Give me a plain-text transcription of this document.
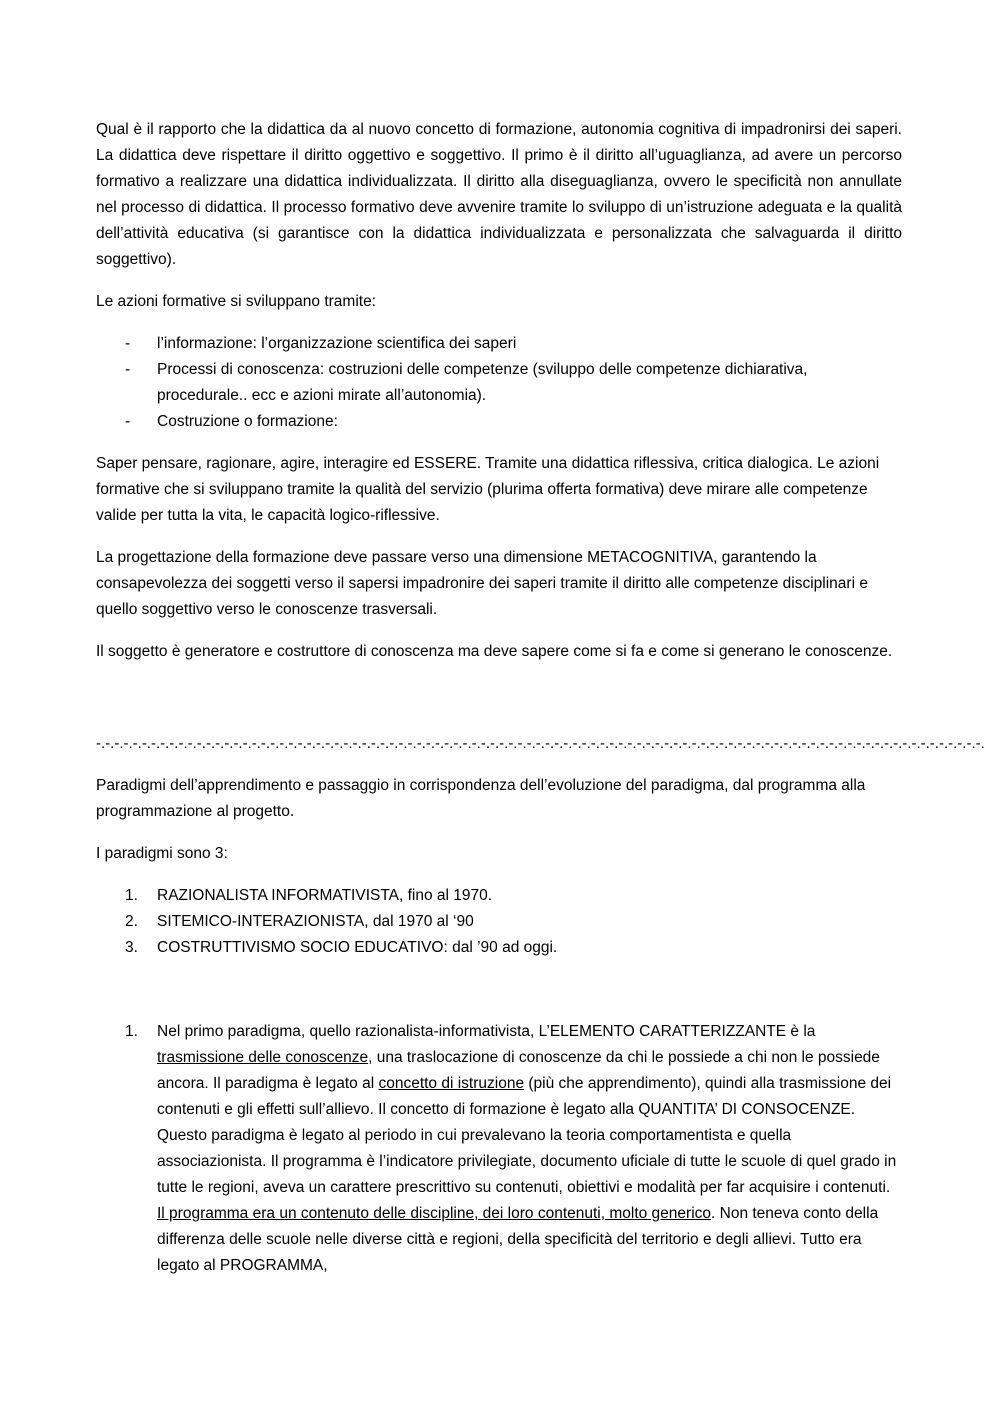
Qual è il rapporto che la didattica da al nuovo concetto di formazione, autonomia cognitiva di impadronirsi dei saperi. La didattica deve rispettare il diritto oggettivo e soggettivo. Il primo è il diritto all’uguaglianza, ad avere un percorso formativo a realizzare una didattica individualizzata. Il diritto alla diseguaglianza, ovvero le specificità non annullate nel processo di didattica. Il processo formativo deve avvenire tramite lo sviluppo di un’istruzione adeguata e la qualità dell’attività educativa (si garantisce con la didattica individualizzata e personalizzata che salvaguarda il diritto soggettivo).

Le azioni formative si sviluppano tramite:

- l’informazione: l’organizzazione scientifica dei saperi
- Processi di conoscenza: costruzioni delle competenze (sviluppo delle competenze dichiarativa, procedurale.. ecc e azioni mirate all’autonomia).
- Costruzione o formazione:

Saper pensare, ragionare, agire, interagire ed ESSERE. Tramite una didattica riflessiva, critica dialogica. Le azioni formative che si sviluppano tramite la qualità del servizio (plurima offerta formativa) deve mirare alle competenze valide per tutta la vita, le capacità logico-riflessive.

La progettazione della formazione deve passare verso una dimensione METACOGNITIVA, garantendo la consapevolezza dei soggetti verso il sapersi impadronire dei saperi tramite il diritto alle competenze disciplinari e quello soggettivo verso le conoscenze trasversali.

Il soggetto è generatore e costruttore di conoscenza ma deve sapere come si fa e come si generano le conoscenze.

-.-.-.-.-.-.-.-.-.-.-.-.-.-.-.-.-.-.-.-.-.-.-.-.-.-.-.-.-.-.-.-.-.-.-.-.-.-.-.-.-.-.-.-.-.-.-.-.-.-.-.-.-.-.-.-.-.-.-.-.-.-.-.-.-.-.-.-.-.-.-.-.-.-.-.-.-.-.-.-.-.-.-.-.-.-.-.-.-.-.-.-.-.-.-.-.-.

Paradigmi dell’apprendimento e passaggio in corrispondenza dell’evoluzione del paradigma, dal programma alla programmazione al progetto.

I paradigmi sono 3:

1. RAZIONALISTA INFORMATIVISTA, fino al 1970.
2. SITEMICO-INTERAZIONISTA, dal 1970 al ‘90
3. COSTRUTTIVISMO SOCIO EDUCATIVO: dal ’90 ad oggi.
1. Nel primo paradigma, quello razionalista-informativista, L’ELEMENTO CARATTERIZZANTE è la trasmissione delle conoscenze, una traslocazione di conoscenze da chi le possiede a chi non le possiede ancora. Il paradigma è legato al concetto di istruzione (più che apprendimento), quindi alla trasmissione dei contenuti e gli effetti sull’allievo. Il concetto di formazione è legato alla QUANTITA’ DI CONSOCENZE. Questo paradigma è legato al periodo in cui prevalevano la teoria comportamentista e quella associazionista. Il programma è l’indicatore privilegiate, documento uficiale di tutte le scuole di quel grado in tutte le regioni, aveva un carattere prescrittivo su contenuti, obiettivi e modalità per far acquisire i contenuti. Il programma era un contenuto delle discipline, dei loro contenuti, molto generico. Non teneva conto della differenza delle scuole nelle diverse città e regioni, della specificità del territorio e degli allievi. Tutto era legato al PROGRAMMA,
